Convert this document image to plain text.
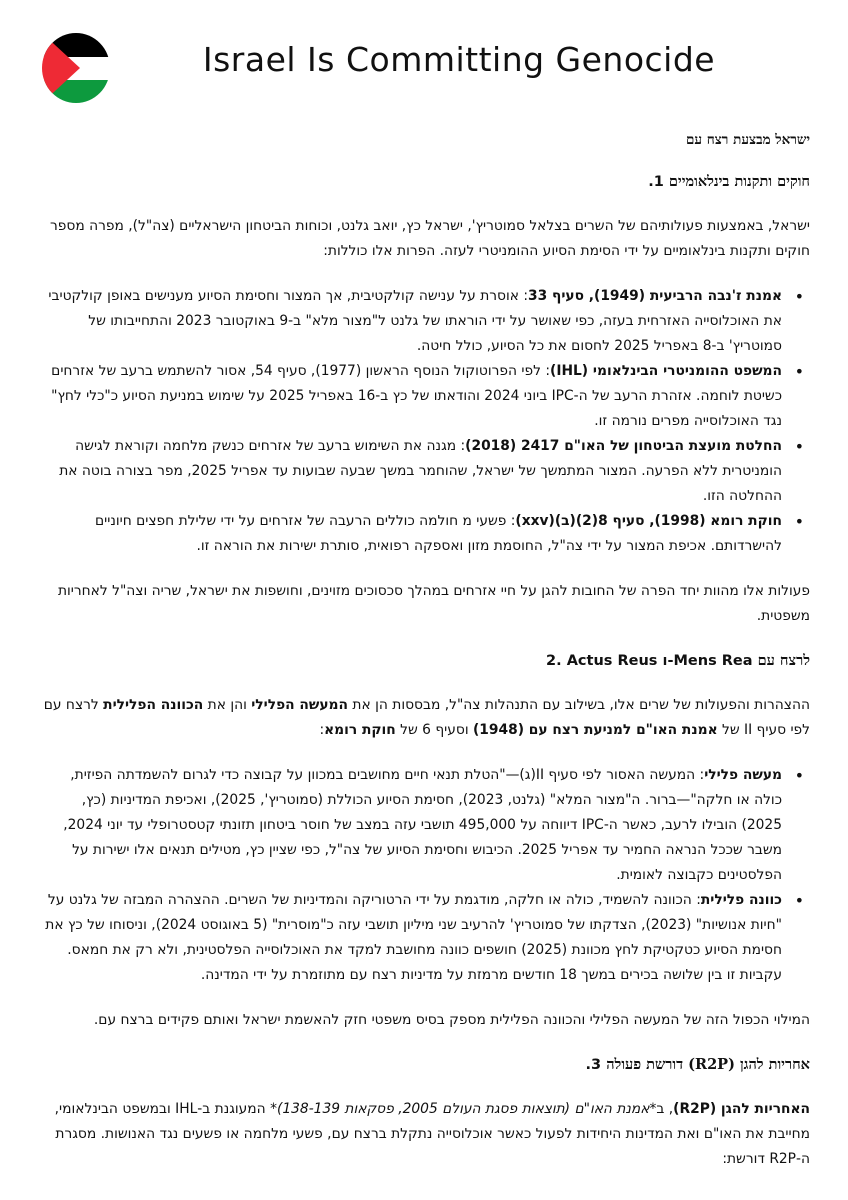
Israel Is Committing Genocide
ישראל מבצעת רצח עם
חוקים ותקנות בינלאומיים 1.
ישראל, באמצעות פעולותיהם של השרים בצלאל סמוטריץ', ישראל כץ, יואב גלנט, וכוחות הביטחון הישראליים (צה"ל), מפרה מספר חוקים ותקנות בינלאומיים על ידי הסימת הסיוע ההומניטרי לעזה. הפרות אלו כוללות:
• אמנת ז'נבה הרביעית (1949), סעיף 33: אוסרת על ענישה קולקטיבית, אך המצור וחסימת הסיוע מענישים באופן קולקטיבי את האוכלוסייה האזרחית בעזה, כפי שאושר על ידי הוראתו של גלנט ל"מצור מלא" ב-9 באוקטובר 2023 והתחייבותו של סמוטריץ' ב-8 באפריל 2025 לחסום את כל הסיוע, כולל חיטה.
• המשפט ההומניטרי הבינלאומי (IHL): לפי הפרוטוקול הנוסף הראשון (1977), סעיף 54, אסור להשתמש ברעב של אזרחים כשיטת לוחמה. אזהרת הרעב של ה-IPC ביוני 2024 והודאתו של כץ ב-16 באפריל 2025 על שימוש במניעת הסיוע כ"כלי לחץ" נגד האוכלוסייה מפרים נורמה זו.
• החלטת מועצת הביטחון של האו"ם 2417 (2018): מגנה את השימוש ברעב של אזרחים כנשק מלחמה וקוראת לגישה הומניטרית ללא הפרעה. המצור המתמשך של ישראל, שהוחמר במשך שבעה שבועות עד אפריל 2025, מפר בצורה בוטה את ההחלטה הזו.
• חוקת רומא (1998), סעיף 8(2)(ב)(xxv): פשעי מ חולמה כוללים הרעבה של אזרחים על ידי שלילת חפצים חיוניים להישרדותם. אכיפת המצור על ידי צה"ל, החוסמת מזון ואספקה רפואית, סותרת ישירות את הוראה זו.
פעולות אלו מהוות יחד הפרה של החובות להגן על חיי אזרחים במהלך סכסוכים מזוינים, וחושפות את ישראל, שריה וצה"ל לאחריות משפטית.
לרצח עם 2. Actus Reus ו-Mens Rea
ההצהרות והפעולות של שרים אלו, בשילוב עם התנהלות צה"ל, מבססות הן את המעשה הפלילי והן את הכוונה הפלילית לרצח עם לפי סעיף II של אמנת האו"ם למניעת רצח עם (1948) וסעיף 6 של חוקת רומא:
• מעשה פלילי: המעשה האסור לפי סעיף II(ג)—"הטלת תנאי חיים מחושבים במכוון על קבוצה כדי לגרום להשמדתה הפיזית, כולה או חלקה"—ברור. ה"מצור המלא" (גלנט, 2023), חסימת הסיוע הכוללת (סמוטריץ', 2025), ואכיפת המדיניות (כץ, 2025) הובילו לרעב, כאשר ה-IPC דיווחה על 495,000 תושבי עזה במצב של חוסר ביטחון תזונתי קטסטרופלי עד יוני 2024, משבר שככל הנראה החמיר עד אפריל 2025. הכיבוש וחסימת הסיוע של צה"ל, כפי שציין כץ, מטילים תנאים אלו ישירות על הפלסטינים כקבוצה לאומית.
• כוונה פלילית: הכוונה להשמיד, כולה או חלקה, מודגמת על ידי הרטוריקה והמדיניות של השרים. ההצהרה המבזה של גלנט על "חיות אנושיות" (2023), הצדקתו של סמוטריץ' להרעיב שני מיליון תושבי עזה כ"מוסרית" (5 באוגוסט 2024), וניסוחו של כץ את חסימת הסיוע כטקטיקת לחץ מכוונת (2025) חושפים כוונה מחושבת למקד את האוכלוסייה הפלסטינית, ולא רק את חמאס. עקביות זו בין שלושה בכירים במשך 18 חודשים מרמזת על מדיניות רצח עם מתוזמרת על ידי המדינה.
המילוי הכפול הזה של המעשה הפלילי והכוונה הפלילית מספק בסיס משפטי חזק להאשמת ישראל ואותם פקידים ברצח עם.
אחריות להגן (R2P) דורשת פעולה 3.
האחריות להגן (R2P), ב*אמנת האו"ם (תוצאות פסגת העולם 2005, פסקאות 138-139)* המעוגנת ב-IHL ובמשפט הבינלאומי, מחייבת את האו"ם ואת המדינות היחידות לפעול כאשר אוכלוסייה נתקלת ברצח עם, פשעי מלחמה או פשעים נגד האנושות. מסגרת ה-R2P דורשת:
